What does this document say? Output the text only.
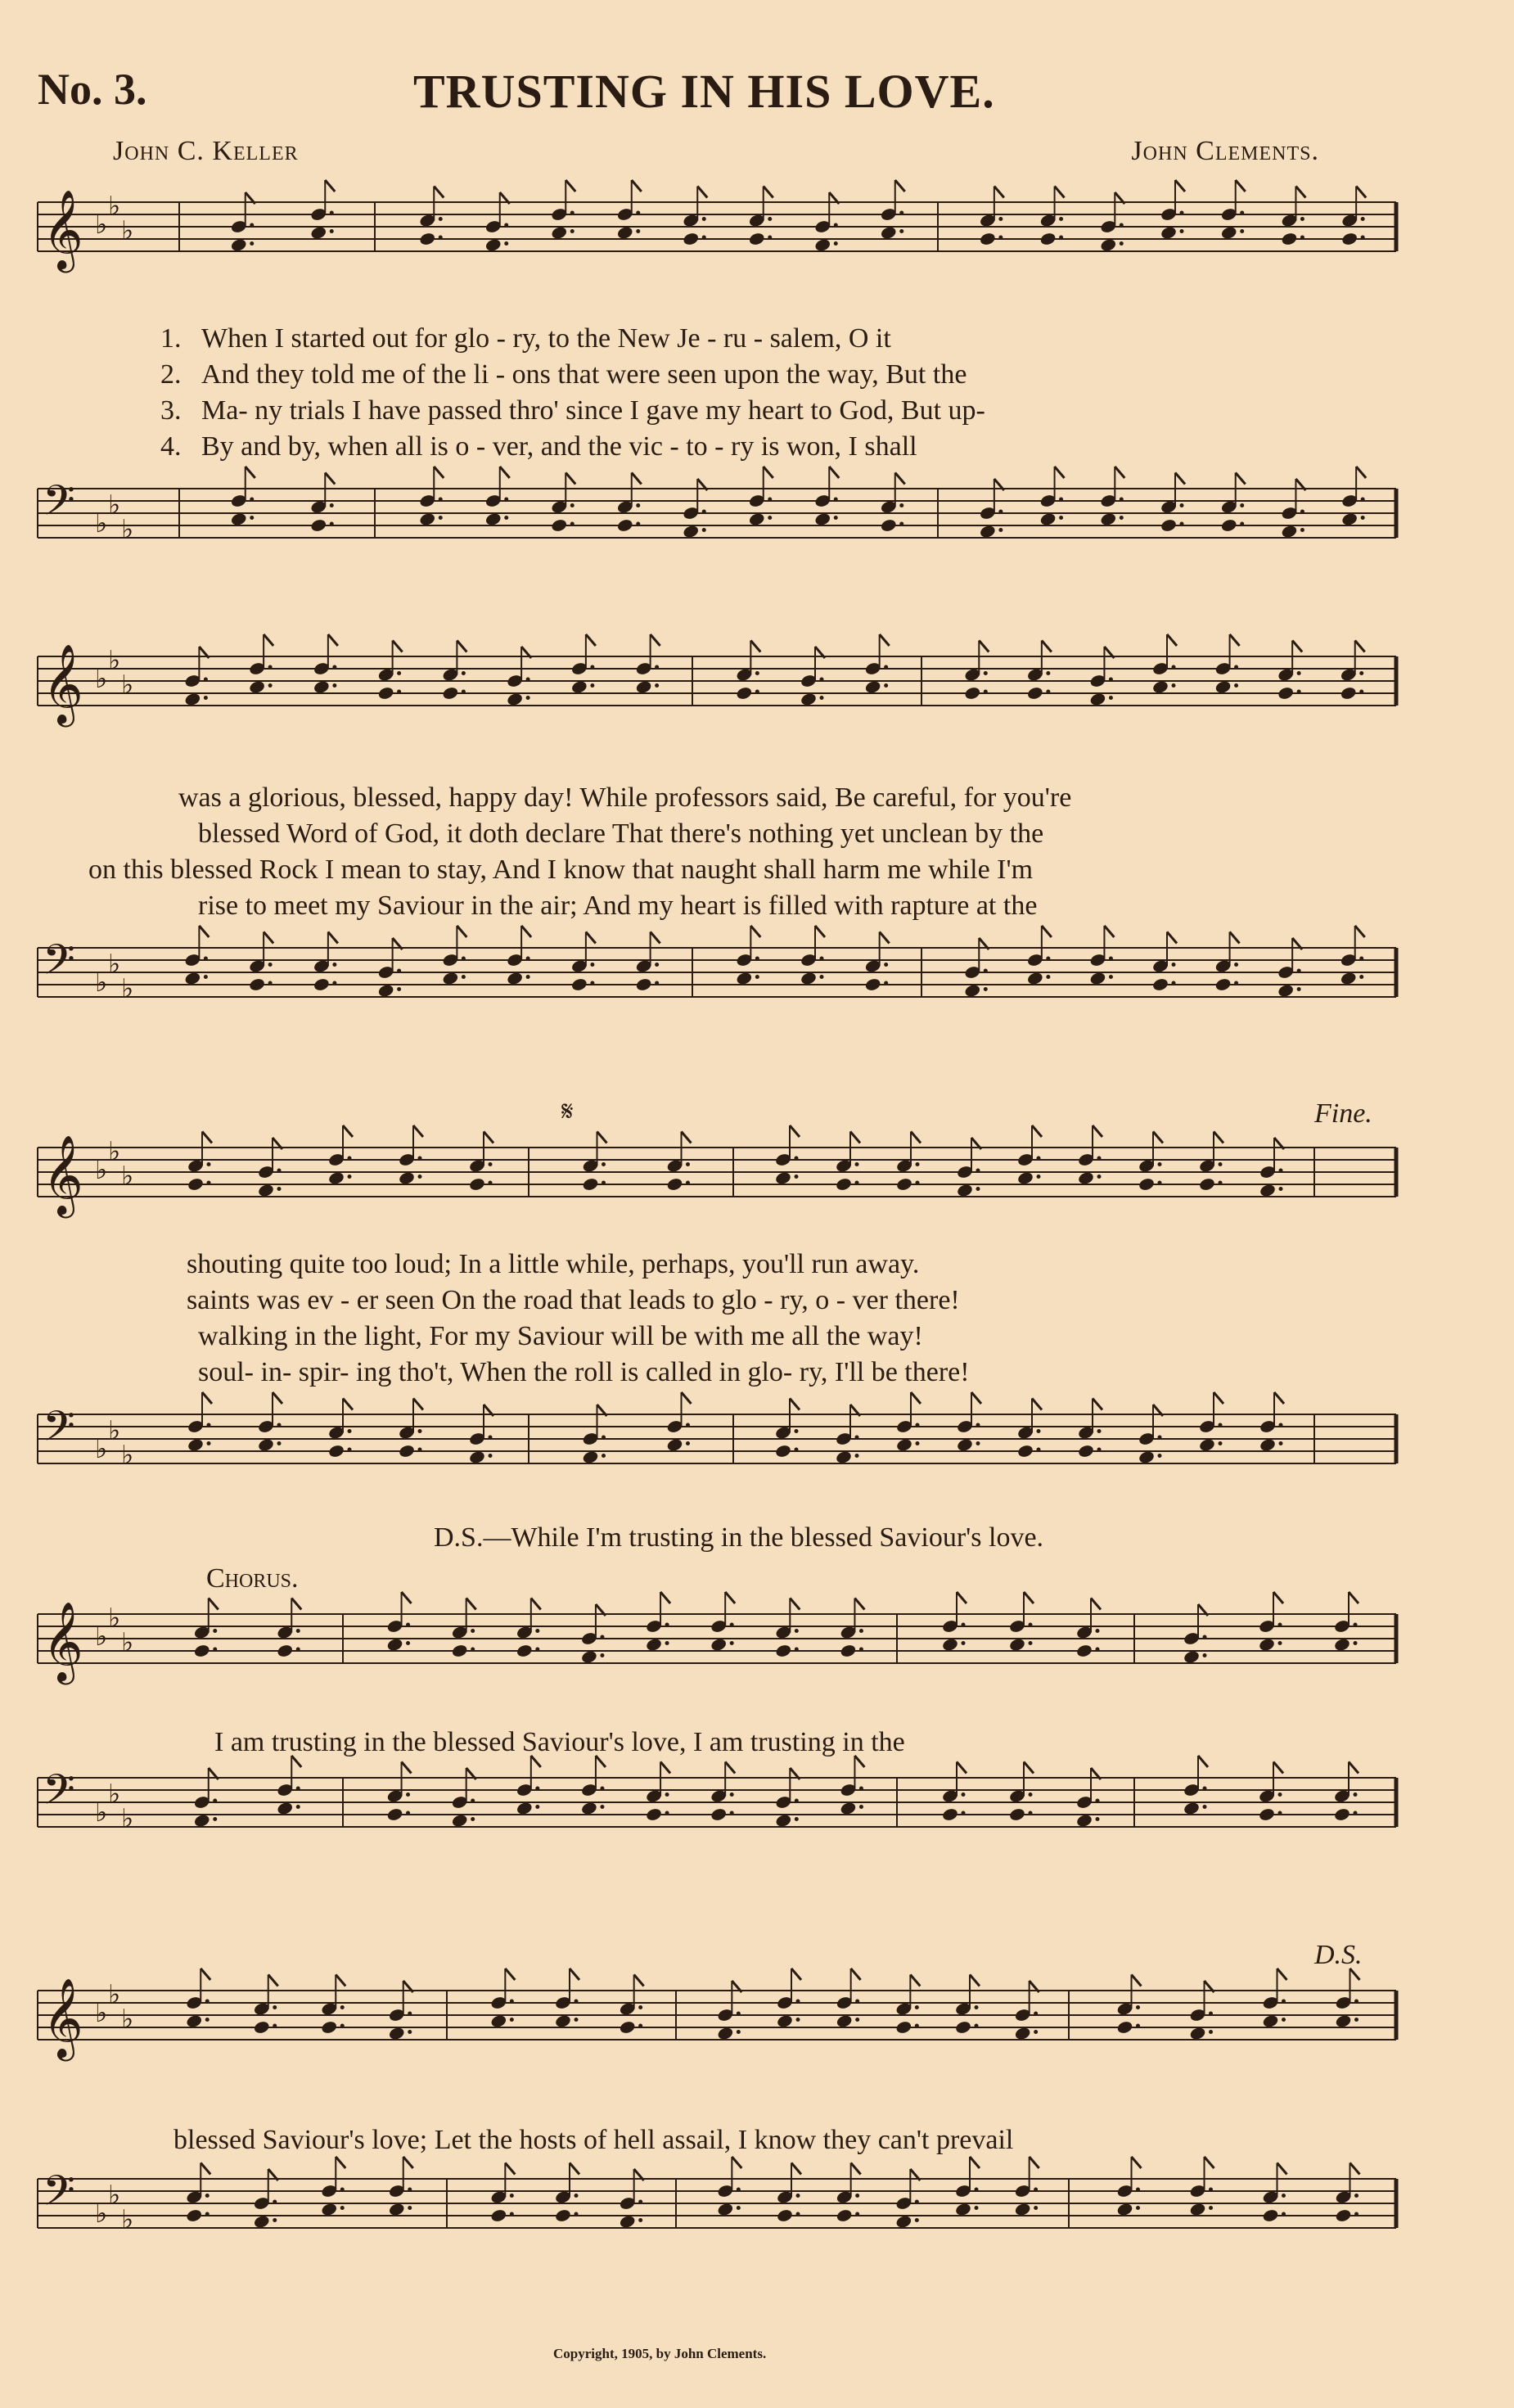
No. 3.	TRUSTING IN HIS LOVE.
John C. Keller	John Clements.
𝄞 ♭
♭
♭
1. When I started out for glo - ry, to the New Je - ru - salem, O it
2. And they told me of the li - ons that were seen upon the way, But the
3. Ma- ny trials I have passed thro' since I gave my heart to God, But up-
4. By and by, when all is o - ver, and the vic - to - ry is won, I shall
𝄢 ♭
♭
♭
𝄞 ♭
♭
♭
was a glorious, blessed, happy day! While professors said, Be careful, for you're
blessed Word of God, it doth declare That there's nothing yet unclean by the
on this blessed Rock I mean to stay, And I know that naught shall harm me while I'm
rise to meet my Saviour in the air; And my heart is filled with rapture at the
𝄢 ♭
♭
♭
𝄋	Fine.
𝄞 ♭
♭
♭
shouting quite too loud; In a little while, perhaps, you'll run away.
saints was ev - er seen On the road that leads to glo - ry, o - ver there!
walking in the light, For my Saviour will be with me all the way!
soul- in- spir- ing tho't, When the roll is called in glo- ry, I'll be there!
𝄢 ♭
♭
♭
D.S.—While I'm trusting in the blessed Saviour's love.
Chorus.
𝄞 ♭
♭
♭
I am trusting in the blessed Saviour's love, I am trusting in the
𝄢 ♭
♭
♭
D.S.
𝄞 ♭
♭
♭
blessed Saviour's love; Let the hosts of hell assail, I know they can't prevail
𝄢 ♭
♭
♭
Copyright, 1905, by John Clements.
